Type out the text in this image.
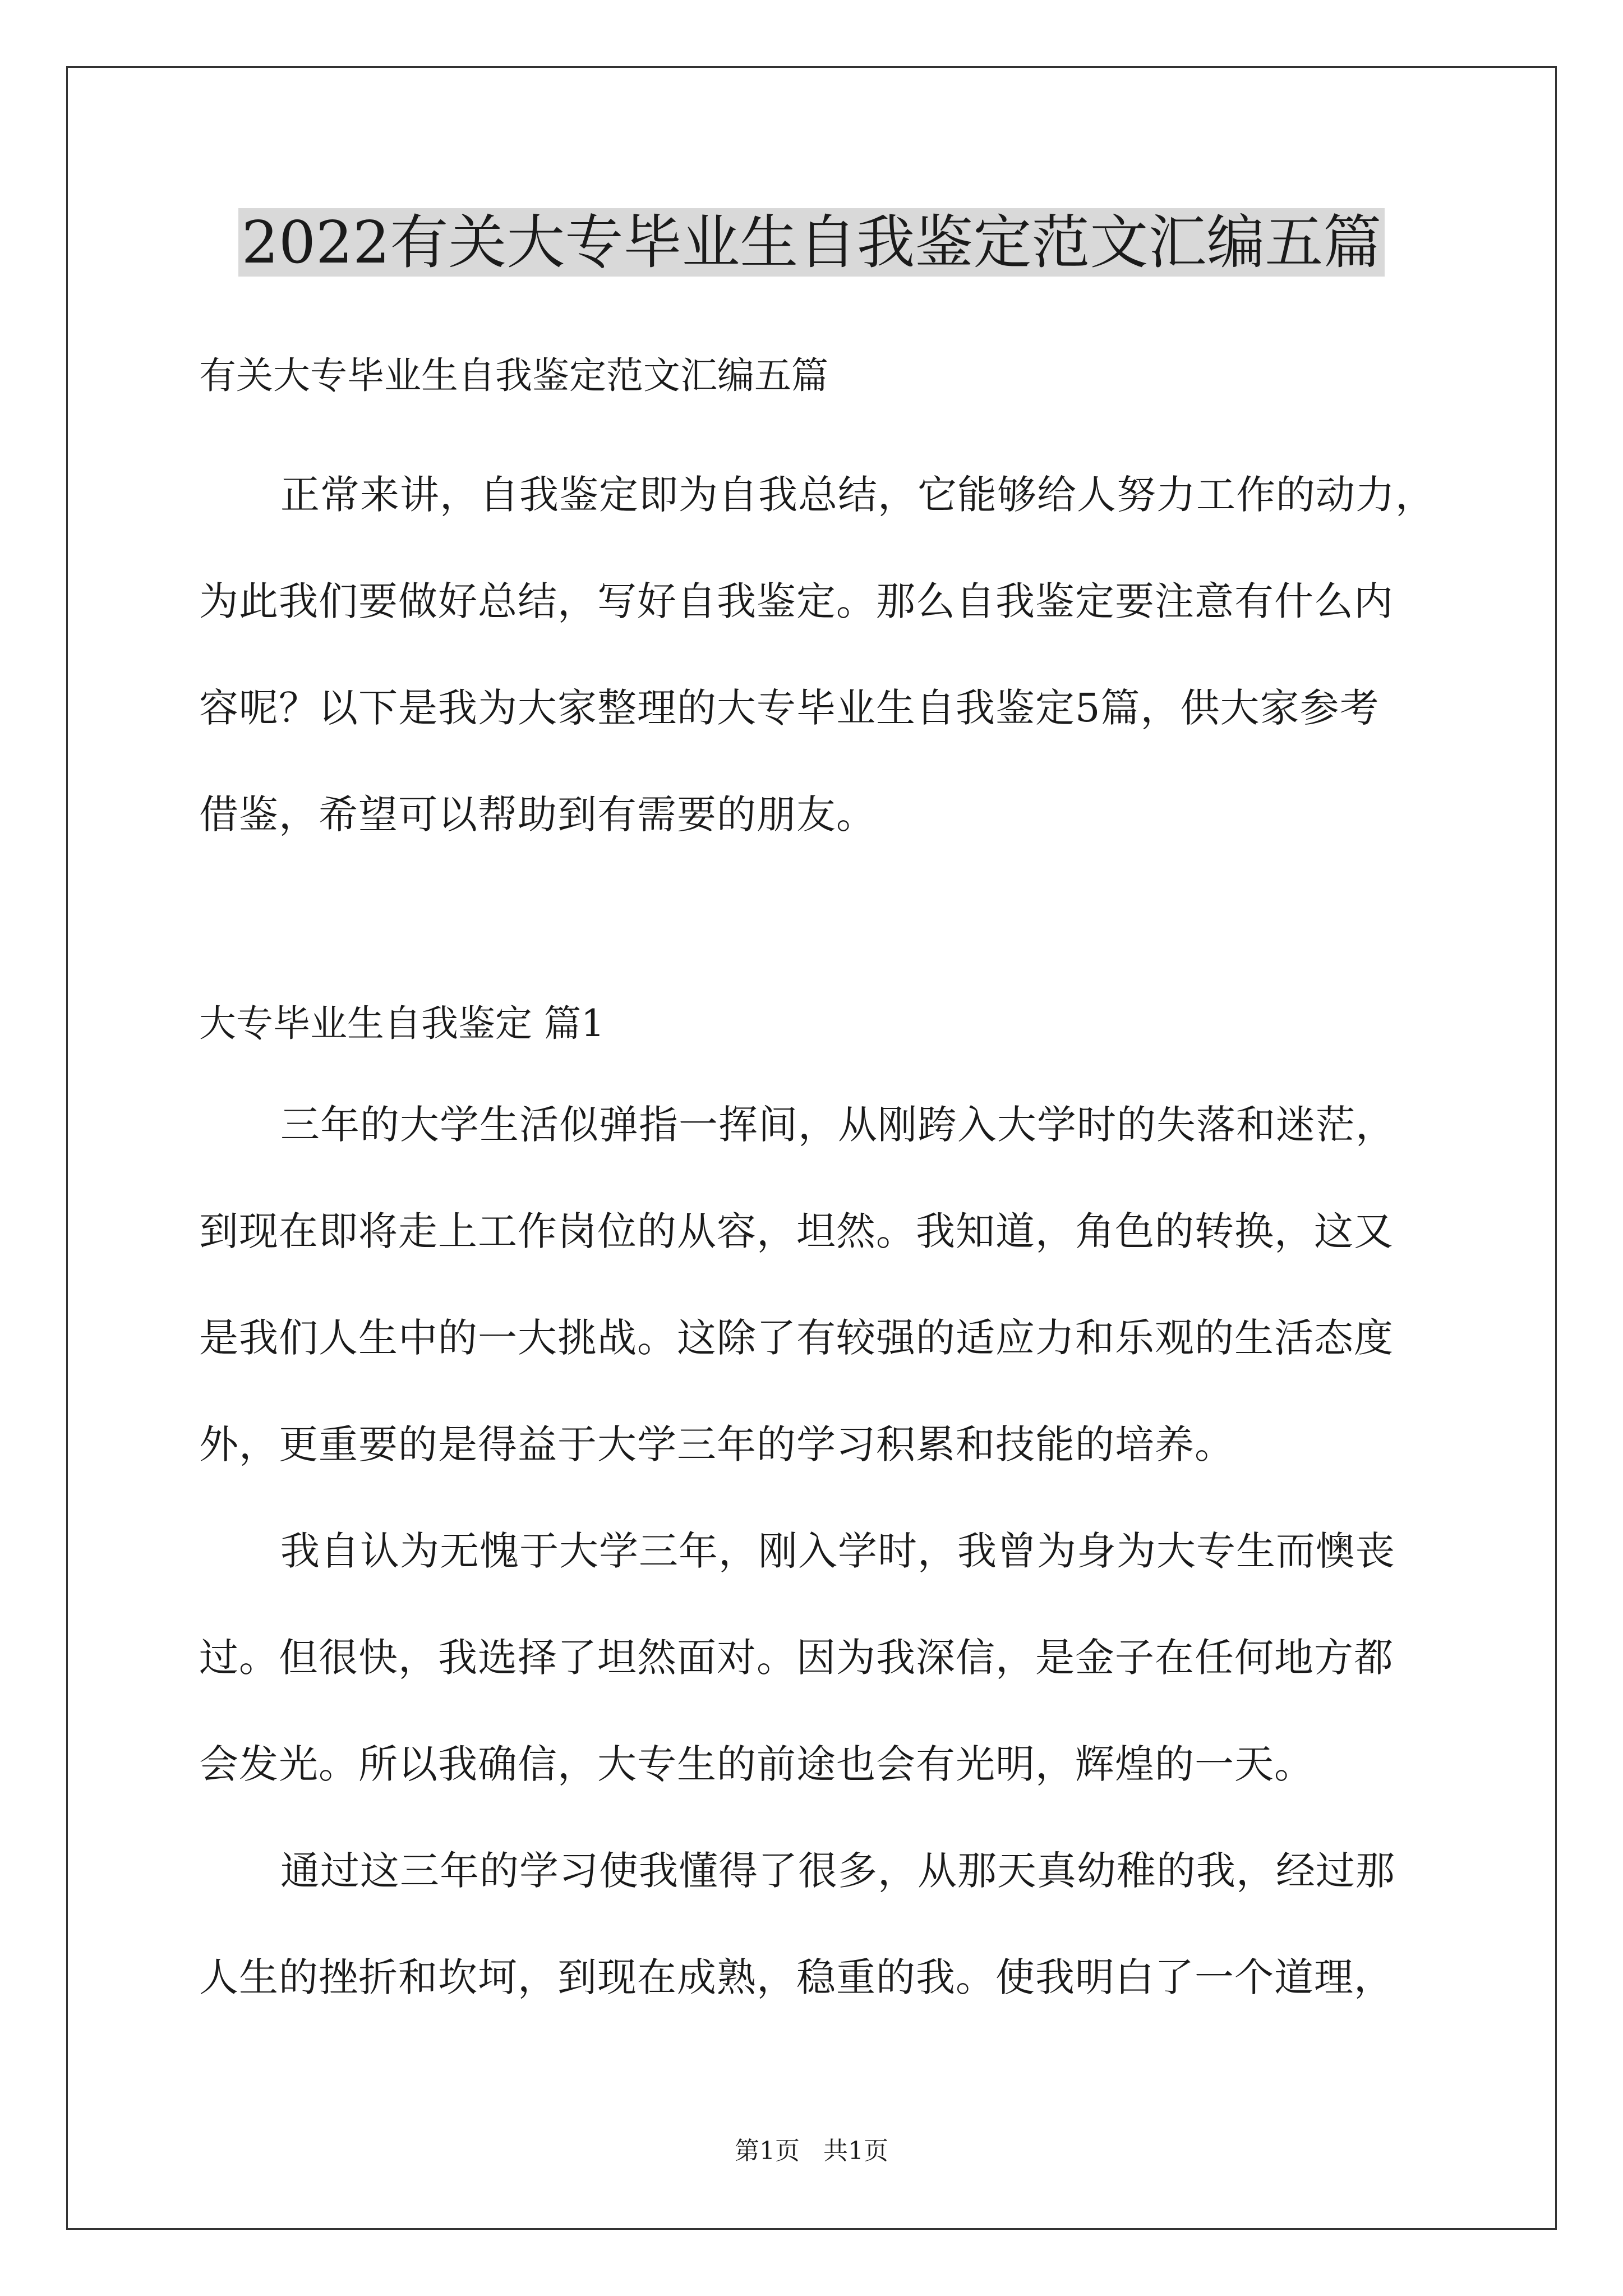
2022有关大专毕业生自我鉴定范文汇编五篇

有关大专毕业生自我鉴定范文汇编五篇

正常来讲，自我鉴定即为自我总结，它能够给人努力工作的动力，

为此我们要做好总结，写好自我鉴定。那么自我鉴定要注意有什么内

容呢？以下是我为大家整理的大专毕业生自我鉴定5篇，供大家参考

借鉴，希望可以帮助到有需要的朋友。

大专毕业生自我鉴定 篇1

三年的大学生活似弹指一挥间，从刚跨入大学时的失落和迷茫，

到现在即将走上工作岗位的从容，坦然。我知道，角色的转换，这又

是我们人生中的一大挑战。这除了有较强的适应力和乐观的生活态度

外，更重要的是得益于大学三年的学习积累和技能的培养。

我自认为无愧于大学三年，刚入学时，我曾为身为大专生而懊丧

过。但很快，我选择了坦然面对。因为我深信，是金子在任何地方都

会发光。所以我确信，大专生的前途也会有光明，辉煌的一天。

通过这三年的学习使我懂得了很多，从那天真幼稚的我，经过那

人生的挫折和坎坷，到现在成熟，稳重的我。使我明白了一个道理，

第1页   共1页
